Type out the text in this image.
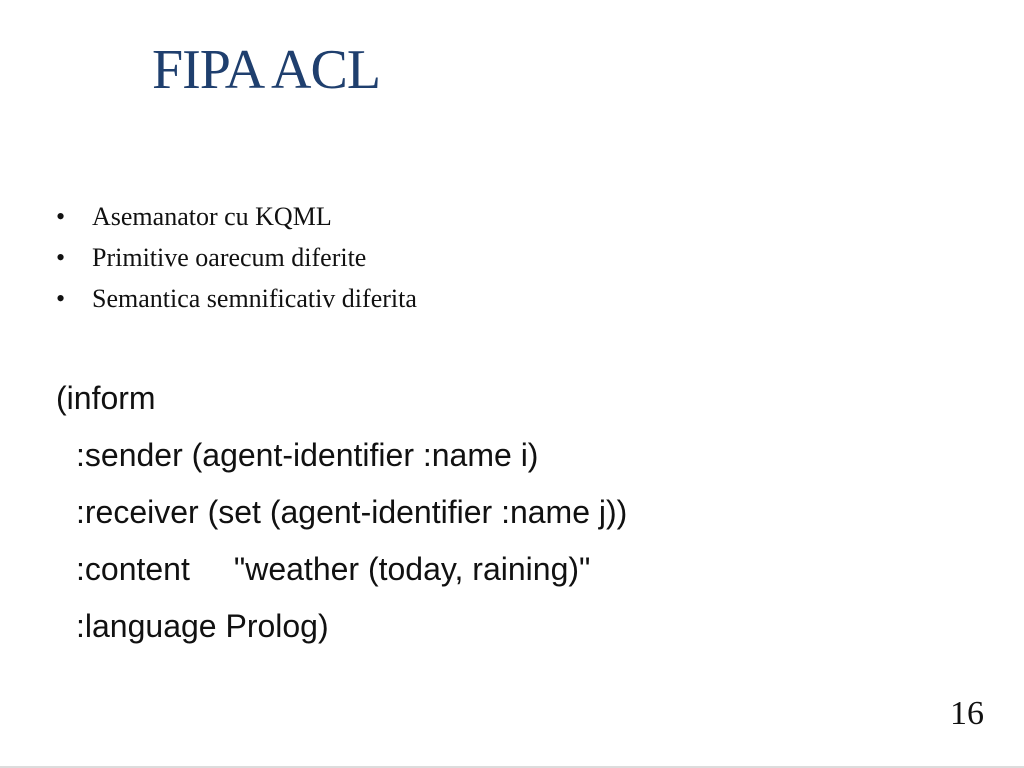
FIPA ACL
•	Asemanator cu KQML
•	Primitive oarecum diferite
•	Semantica semnificativ diferita
(inform
:sender (agent-identifier :name i)
:receiver (set (agent-identifier :name j))
:content "weather (today, raining)"
:language Prolog)
16
